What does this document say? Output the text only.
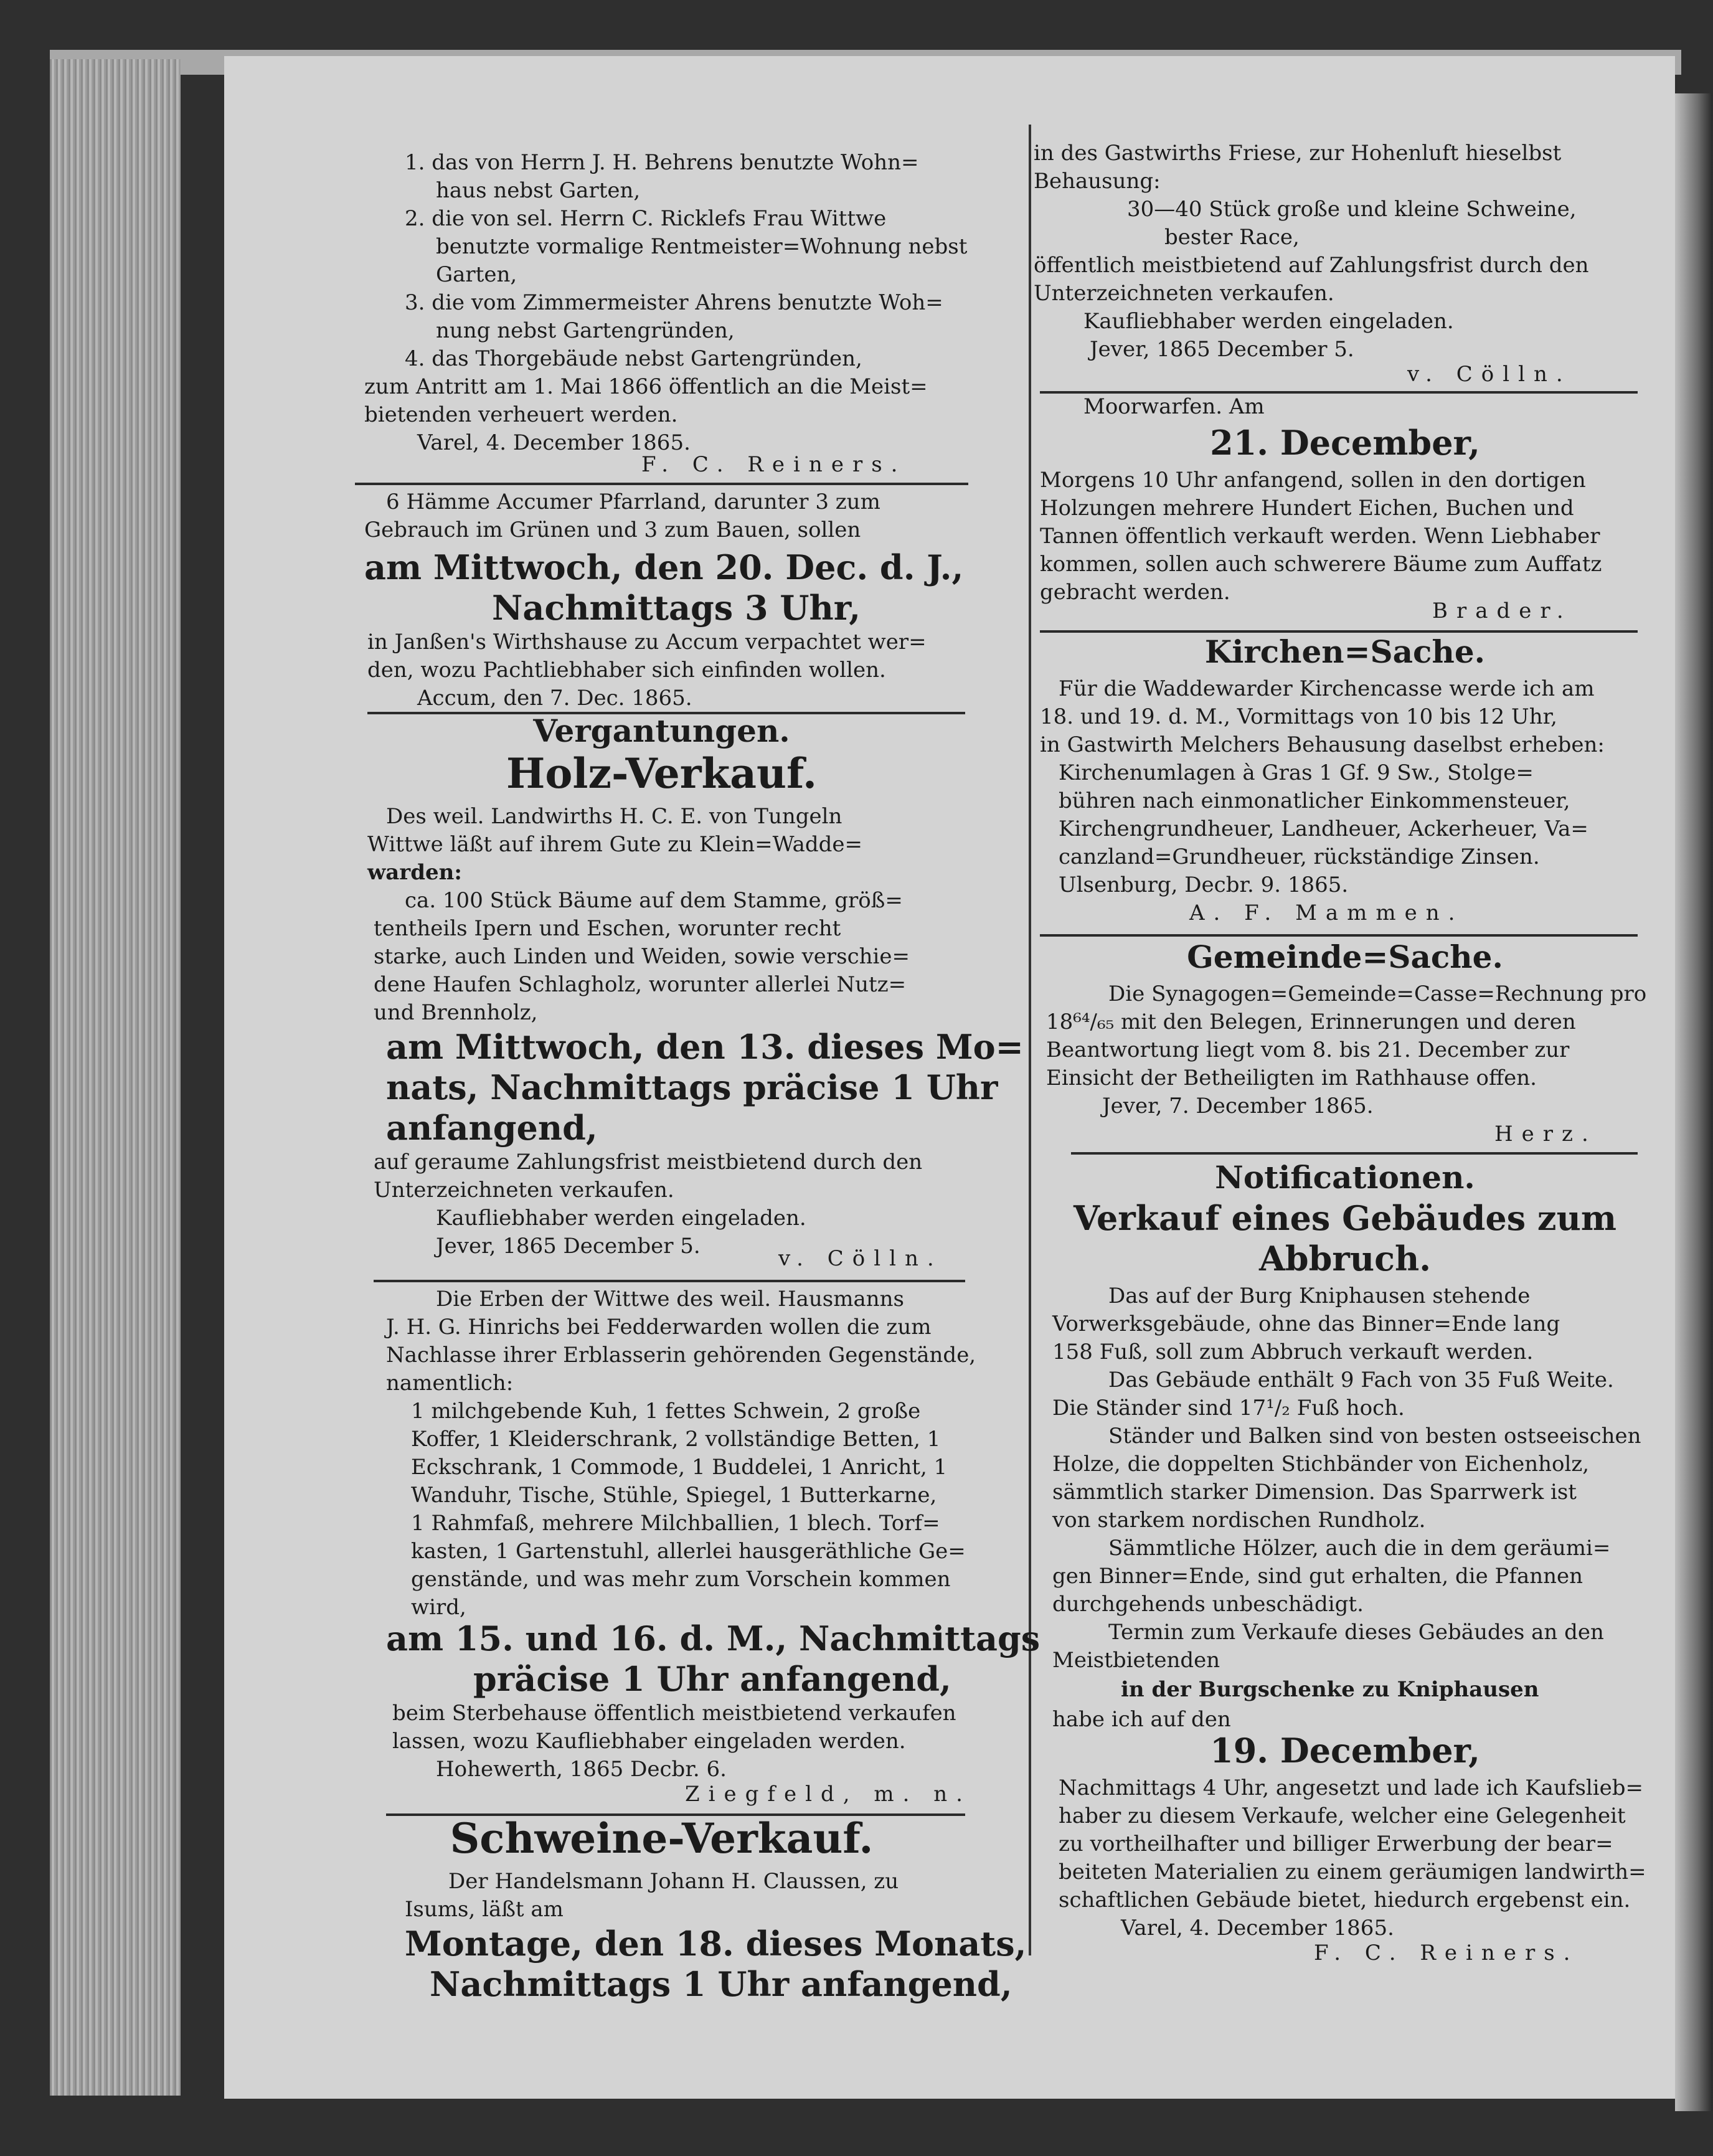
1. das von Herrn J. H. Behrens benutzte Wohn=
haus nebst Garten,
2. die von sel. Herrn C. Ricklefs Frau Wittwe
benutzte vormalige Rentmeister=Wohnung nebst
Garten,
3. die vom Zimmermeister Ahrens benutzte Woh=
nung nebst Gartengründen,
4. das Thorgebäude nebst Gartengründen,
zum Antritt am 1. Mai 1866 öffentlich an die Meist=
bietenden verheuert werden.
Varel, 4. December 1865.
F. C. Reiners.
6 Hämme Accumer Pfarrland, darunter 3 zum
Gebrauch im Grünen und 3 zum Bauen, sollen
am Mittwoch, den 20. Dec. d. J.,
Nachmittags 3 Uhr,
in Janßen's Wirthshause zu Accum verpachtet wer=
den, wozu Pachtliebhaber sich einfinden wollen.
Accum, den 7. Dec. 1865.
Vergantungen.
Holz-Verkauf.
Des weil. Landwirths H. C. E. von Tungeln
Wittwe läßt auf ihrem Gute zu Klein=Wadde=
warden:
ca. 100 Stück Bäume auf dem Stamme, größ=
tentheils Ipern und Eschen, worunter recht
starke, auch Linden und Weiden, sowie verschie=
dene Haufen Schlagholz, worunter allerlei Nutz=
und Brennholz,
am Mittwoch, den 13. dieses Mo=
nats, Nachmittags präcise 1 Uhr
anfangend,
auf geraume Zahlungsfrist meistbietend durch den
Unterzeichneten verkaufen.
Kaufliebhaber werden eingeladen.
Jever, 1865 December 5.	v. Cölln.
Die Erben der Wittwe des weil. Hausmanns
J. H. G. Hinrichs bei Fedderwarden wollen die zum
Nachlasse ihrer Erblasserin gehörenden Gegenstände,
namentlich:
1 milchgebende Kuh, 1 fettes Schwein, 2 große
Koffer, 1 Kleiderschrank, 2 vollständige Betten, 1
Eckschrank, 1 Commode, 1 Buddelei, 1 Anricht, 1
Wanduhr, Tische, Stühle, Spiegel, 1 Butterkarne,
1 Rahmfaß, mehrere Milchballien, 1 blech. Torf=
kasten, 1 Gartenstuhl, allerlei hausgeräthliche Ge=
genstände, und was mehr zum Vorschein kommen
wird,
am 15. und 16. d. M., Nachmittags
präcise 1 Uhr anfangend,
beim Sterbehause öffentlich meistbietend verkaufen
lassen, wozu Kaufliebhaber eingeladen werden.
Hohewerth, 1865 Decbr. 6.
Ziegfeld, m. n.
Schweine-Verkauf.
Der Handelsmann Johann H. Claussen, zu
Isums, läßt am
Montage, den 18. dieses Monats,
Nachmittags 1 Uhr anfangend,
in des Gastwirths Friese, zur Hohenluft hieselbst
Behausung:
30—40 Stück große und kleine Schweine,
bester Race,
öffentlich meistbietend auf Zahlungsfrist durch den
Unterzeichneten verkaufen.
Kaufliebhaber werden eingeladen.
Jever, 1865 December 5.
v. Cölln.
Moorwarfen. Am
21. December,
Morgens 10 Uhr anfangend, sollen in den dortigen
Holzungen mehrere Hundert Eichen, Buchen und
Tannen öffentlich verkauft werden. Wenn Liebhaber
kommen, sollen auch schwerere Bäume zum Auffatz
gebracht werden.
Brader.
Kirchen=Sache.
Für die Waddewarder Kirchencasse werde ich am
18. und 19. d. M., Vormittags von 10 bis 12 Uhr,
in Gastwirth Melchers Behausung daselbst erheben:
Kirchenumlagen à Gras 1 Gf. 9 Sw., Stolge=
bühren nach einmonatlicher Einkommensteuer,
Kirchengrundheuer, Landheuer, Ackerheuer, Va=
canzland=Grundheuer, rückständige Zinsen.
Ulsenburg, Decbr. 9. 1865.
A. F. Mammen.
Gemeinde=Sache.
Die Synagogen=Gemeinde=Casse=Rechnung pro
18⁶⁴/₆₅ mit den Belegen, Erinnerungen und deren
Beantwortung liegt vom 8. bis 21. December zur
Einsicht der Betheiligten im Rathhause offen.
Jever, 7. December 1865.
Herz.
Notificationen.
Verkauf eines Gebäudes zum
Abbruch.
Das auf der Burg Kniphausen stehende
Vorwerksgebäude, ohne das Binner=Ende lang
158 Fuß, soll zum Abbruch verkauft werden.
Das Gebäude enthält 9 Fach von 35 Fuß Weite.
Die Ständer sind 17¹/₂ Fuß hoch.
Ständer und Balken sind von besten ostseeischen
Holze, die doppelten Stichbänder von Eichenholz,
sämmtlich starker Dimension. Das Sparrwerk ist
von starkem nordischen Rundholz.
Sämmtliche Hölzer, auch die in dem geräumi=
gen Binner=Ende, sind gut erhalten, die Pfannen
durchgehends unbeschädigt.
Termin zum Verkaufe dieses Gebäudes an den
Meistbietenden
in der Burgschenke zu Kniphausen
habe ich auf den
19. December,
Nachmittags 4 Uhr, angesetzt und lade ich Kaufslieb=
haber zu diesem Verkaufe, welcher eine Gelegenheit
zu vortheilhafter und billiger Erwerbung der bear=
beiteten Materialien zu einem geräumigen landwirth=
schaftlichen Gebäude bietet, hiedurch ergebenst ein.
Varel, 4. December 1865.
F. C. Reiners.
